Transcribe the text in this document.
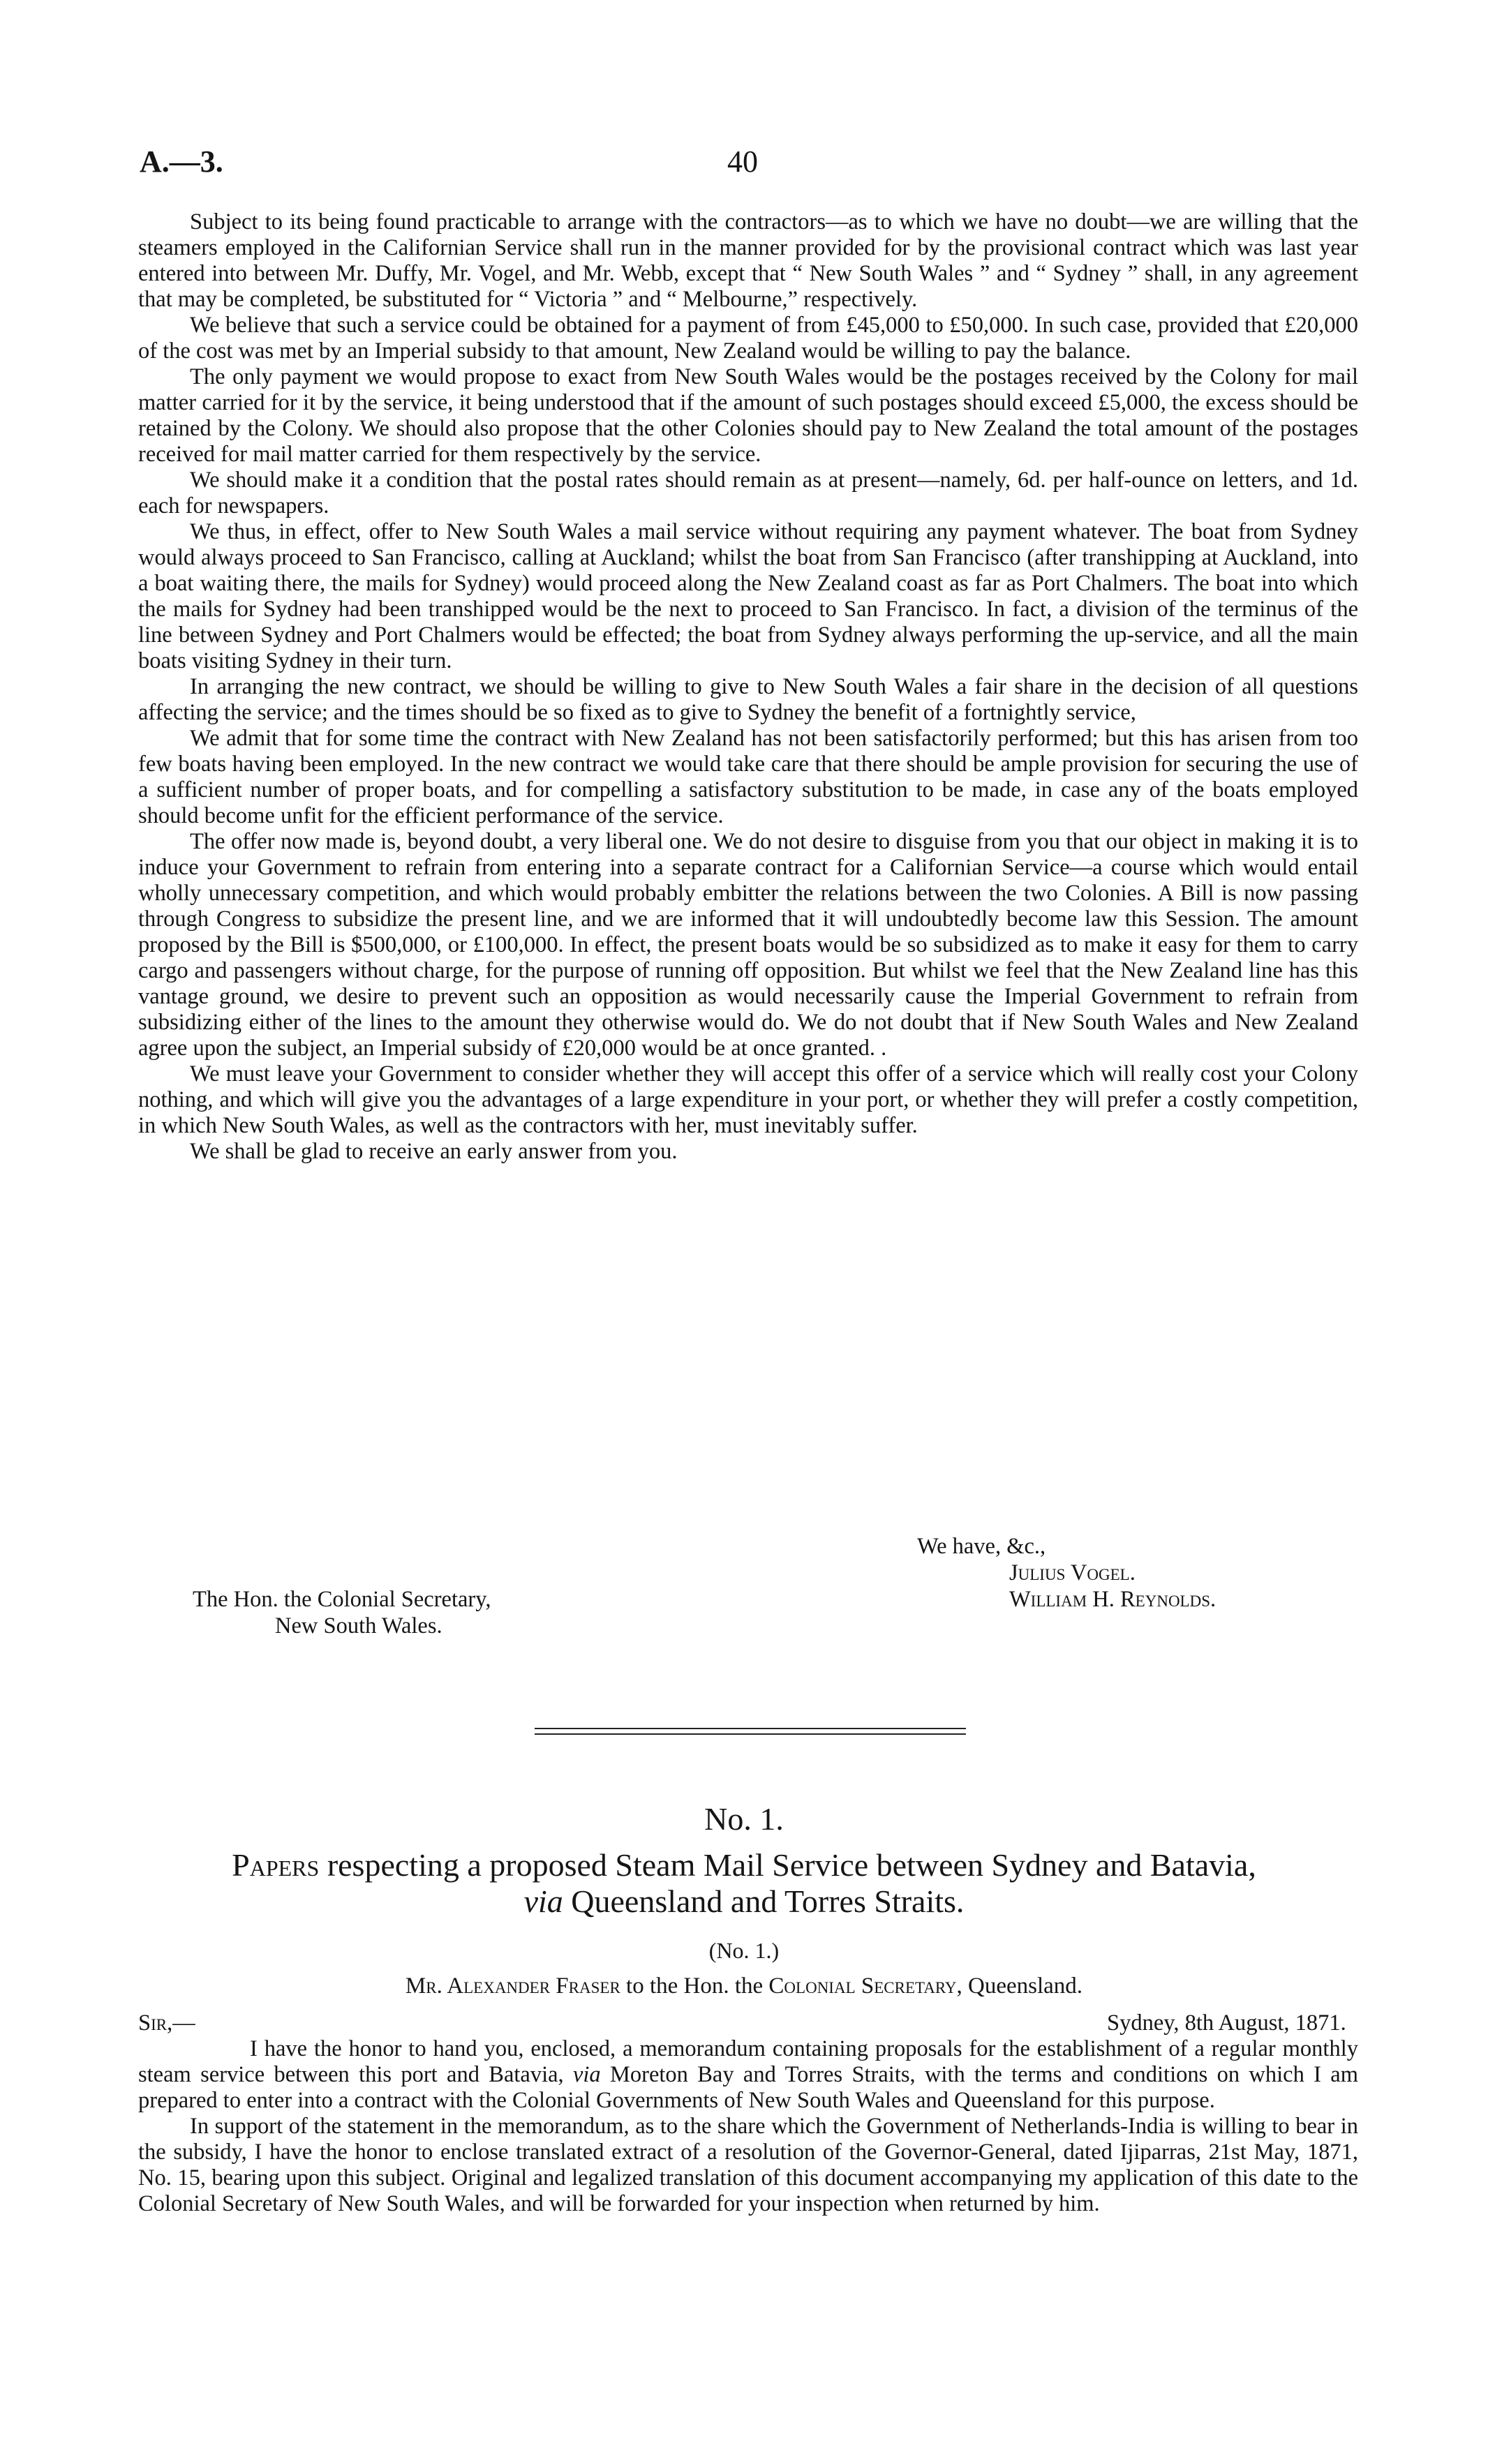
A.—3.	40

Subject to its being found practicable to arrange with the contractors—as to which we have no doubt—we are willing that the steamers employed in the Californian Service shall run in the manner provided for by the provisional contract which was last year entered into between Mr. Duffy, Mr. Vogel, and Mr. Webb, except that “ New South Wales ” and “ Sydney ” shall, in any agreement that may be completed, be substituted for “ Victoria ” and “ Melbourne,” respectively.

We believe that such a service could be obtained for a payment of from £45,000 to £50,000. In such case, provided that £20,000 of the cost was met by an Imperial subsidy to that amount, New Zealand would be willing to pay the balance.

The only payment we would propose to exact from New South Wales would be the postages received by the Colony for mail matter carried for it by the service, it being understood that if the amount of such postages should exceed £5,000, the excess should be retained by the Colony. We should also propose that the other Colonies should pay to New Zealand the total amount of the postages received for mail matter carried for them respectively by the service.

We should make it a condition that the postal rates should remain as at present—namely, 6d. per half-ounce on letters, and 1d. each for newspapers.

We thus, in effect, offer to New South Wales a mail service without requiring any payment whatever. The boat from Sydney would always proceed to San Francisco, calling at Auckland; whilst the boat from San Francisco (after transhipping at Auckland, into a boat waiting there, the mails for Sydney) would proceed along the New Zealand coast as far as Port Chalmers. The boat into which the mails for Sydney had been transhipped would be the next to proceed to San Francisco. In fact, a division of the terminus of the line between Sydney and Port Chalmers would be effected; the boat from Sydney always performing the up-service, and all the main boats visiting Sydney in their turn.

In arranging the new contract, we should be willing to give to New South Wales a fair share in the decision of all questions affecting the service; and the times should be so fixed as to give to Sydney the benefit of a fortnightly service,

We admit that for some time the contract with New Zealand has not been satisfactorily performed; but this has arisen from too few boats having been employed. In the new contract we would take care that there should be ample provision for securing the use of a sufficient number of proper boats, and for compelling a satisfactory substitution to be made, in case any of the boats employed should become unfit for the efficient performance of the service.

The offer now made is, beyond doubt, a very liberal one. We do not desire to disguise from you that our object in making it is to induce your Government to refrain from entering into a separate contract for a Californian Service—a course which would entail wholly unnecessary competition, and which would probably embitter the relations between the two Colonies. A Bill is now passing through Congress to subsidize the present line, and we are informed that it will undoubtedly become law this Session. The amount proposed by the Bill is $500,000, or £100,000. In effect, the present boats would be so subsidized as to make it easy for them to carry cargo and passengers without charge, for the purpose of running off opposition. But whilst we feel that the New Zealand line has this vantage ground, we desire to prevent such an opposition as would necessarily cause the Imperial Government to refrain from subsidizing either of the lines to the amount they otherwise would do. We do not doubt that if New South Wales and New Zealand agree upon the subject, an Imperial subsidy of £20,000 would be at once granted. .

We must leave your Government to consider whether they will accept this offer of a service which will really cost your Colony nothing, and which will give you the advantages of a large expenditure in your port, or whether they will prefer a costly competition, in which New South Wales, as well as the contractors with her, must inevitably suffer.

We shall be glad to receive an early answer from you.

We have, &c.,
Julius Vogel.
William H. Reynolds.
The Hon. the Colonial Secretary,
New South Wales.
No. 1.
Papers respecting a proposed Steam Mail Service between Sydney and Batavia,
via Queensland and Torres Straits.
(No. 1.)
Mr. Alexander Fraser to the Hon. the Colonial Secretary, Queensland.
Sir,—	Sydney, 8th August, 1871.

I have the honor to hand you, enclosed, a memorandum containing proposals for the establishment of a regular monthly steam service between this port and Batavia, via Moreton Bay and Torres Straits, with the terms and conditions on which I am prepared to enter into a contract with the Colonial Governments of New South Wales and Queensland for this purpose.

In support of the statement in the memorandum, as to the share which the Government of Netherlands-India is willing to bear in the subsidy, I have the honor to enclose translated extract of a resolution of the Governor-General, dated Ijiparras, 21st May, 1871, No. 15, bearing upon this subject. Original and legalized translation of this document accompanying my application of this date to the Colonial Secretary of New South Wales, and will be forwarded for your inspection when returned by him.
